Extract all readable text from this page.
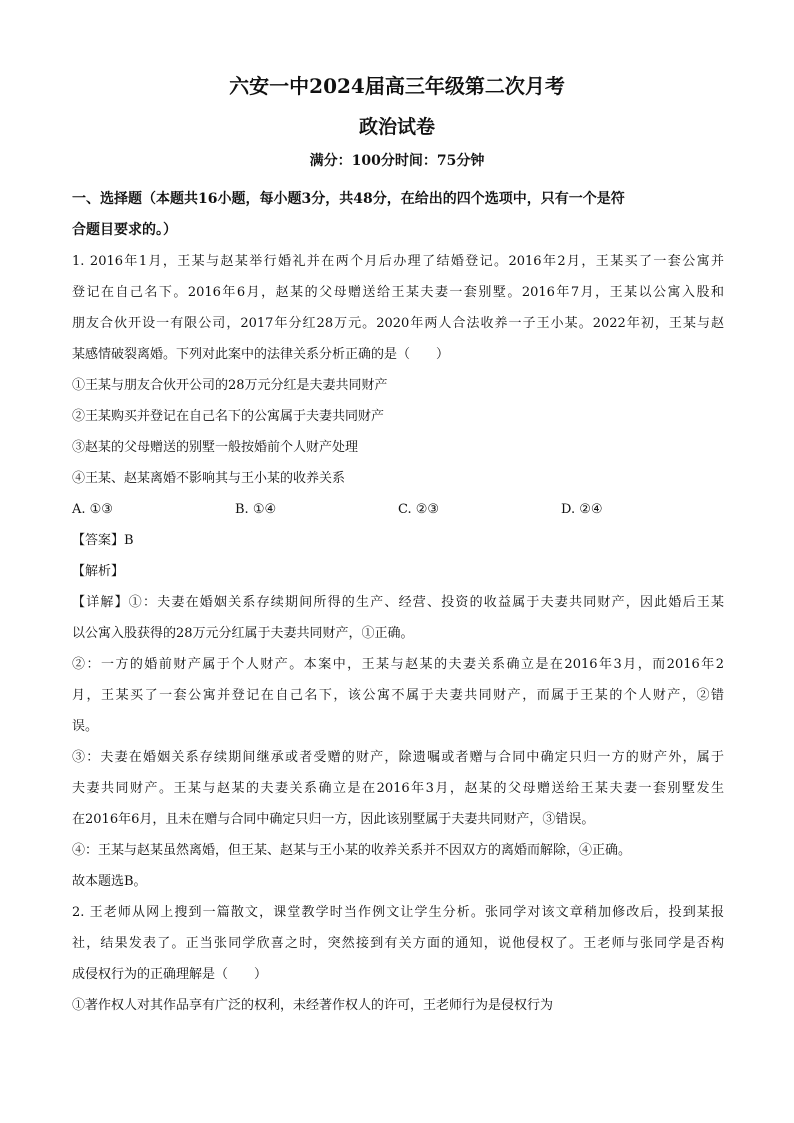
六安一中2024届高三年级第二次月考
政治试卷
满分：100分时间：75分钟
一、选择题（本题共16小题，每小题3分，共48分，在给出的四个选项中，只有一个是符
合题目要求的。）
1. 2016年1月，王某与赵某举行婚礼并在两个月后办理了结婚登记。2016年2月，王某买了一套公寓并
登记在自己名下。2016年6月，赵某的父母赠送给王某夫妻一套别墅。2016年7月，王某以公寓入股和
朋友合伙开设一有限公司，2017年分红28万元。2020年两人合法收养一子王小某。2022年初，王某与赵
某感情破裂离婚。下列对此案中的法律关系分析正确的是（　　）
①王某与朋友合伙开公司的28万元分红是夫妻共同财产
②王某购买并登记在自己名下的公寓属于夫妻共同财产
③赵某的父母赠送的别墅一般按婚前个人财产处理
④王某、赵某离婚不影响其与王小某的收养关系
A. ①③	B. ①④	C. ②③	D. ②④
【答案】B
【解析】
【详解】①：夫妻在婚姻关系存续期间所得的生产、经营、投资的收益属于夫妻共同财产，因此婚后王某
以公寓入股获得的28万元分红属于夫妻共同财产，①正确。
②：一方的婚前财产属于个人财产。本案中，王某与赵某的夫妻关系确立是在2016年3月，而2016年2
月，王某买了一套公寓并登记在自己名下，该公寓不属于夫妻共同财产，而属于王某的个人财产，②错
误。
③：夫妻在婚姻关系存续期间继承或者受赠的财产，除遗嘱或者赠与合同中确定只归一方的财产外，属于
夫妻共同财产。王某与赵某的夫妻关系确立是在2016年3月，赵某的父母赠送给王某夫妻一套别墅发生
在2016年6月，且未在赠与合同中确定只归一方，因此该别墅属于夫妻共同财产，③错误。
④：王某与赵某虽然离婚，但王某、赵某与王小某的收养关系并不因双方的离婚而解除，④正确。
故本题选B。
2. 王老师从网上搜到一篇散文，课堂教学时当作例文让学生分析。张同学对该文章稍加修改后，投到某报
社，结果发表了。正当张同学欣喜之时，突然接到有关方面的通知，说他侵权了。王老师与张同学是否构
成侵权行为的正确理解是（　　）
①著作权人对其作品享有广泛的权利，未经著作权人的许可，王老师行为是侵权行为
